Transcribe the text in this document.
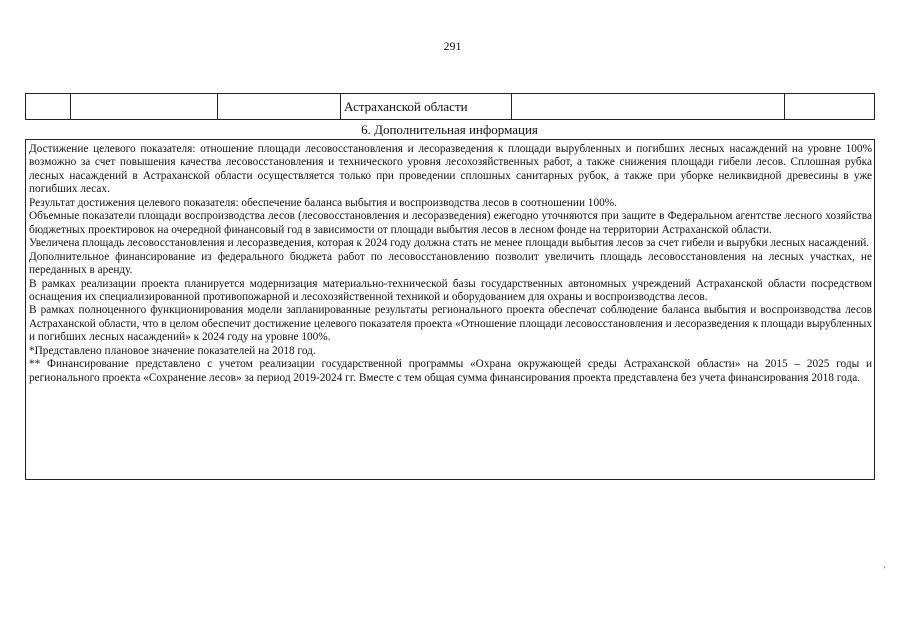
291
			Астраханской области		
6. Дополнительная информация

Достижение целевого показателя: отношение площади лесовосстановления и лесоразведения к площади вырубленных и погибших лесных насаждений на уровне 100% возможно за счет повышения качества лесовосстановления и технического уровня лесохозяйственных работ, а также снижения площади гибели лесов. Сплошная рубка лесных насаждений в Астраханской области осуществляется только при проведении сплошных санитарных рубок, а также при уборке неликвидной древесины в уже погибших лесах.

Результат достижения целевого показателя: обеспечение баланса выбытия и воспроизводства лесов в соотношении 100%.

Объемные показатели площади воспроизводства лесов (лесовосстановления и лесоразведения) ежегодно уточняются при защите в Федеральном агентстве лесного хозяйства бюджетных проектировок на очередной финансовый год в зависимости от площади выбытия лесов в лесном фонде на территории Астраханской области.

Увеличена площадь лесовосстановления и лесоразведения, которая к 2024 году должна стать не менее площади выбытия лесов за счет гибели и вырубки лесных насаждений.

Дополнительное финансирование из федерального бюджета работ по лесовосстановлению позволит увеличить площадь лесовосстановления на лесных участках, не переданных в аренду.

В рамках реализации проекта планируется модернизация материально-технической базы государственных автономных учреждений Астраханской области посредством оснащения их специализированной противопожарной и лесохозяйственной техникой и оборудованием для охраны и воспроизводства лесов.

В рамках полноценного функционирования модели запланированные результаты регионального проекта обеспечат соблюдение баланса выбытия и воспроизводства лесов Астраханской области, что в целом обеспечит достижение целевого показателя проекта «Отношение площади лесовосстановления и лесоразведения к площади вырубленных и погибших лесных насаждений» к 2024 году на уровне 100%.

*Представлено плановое значение показателей на 2018 год.

** Финансирование представлено с учетом реализации государственной программы «Охрана окружающей среды Астраханской области» на 2015 – 2025 годы и регионального проекта «Сохранение лесов» за период 2019-2024 гг. Вместе с тем общая сумма финансирования проекта представлена без учета финансирования 2018 года.

'
